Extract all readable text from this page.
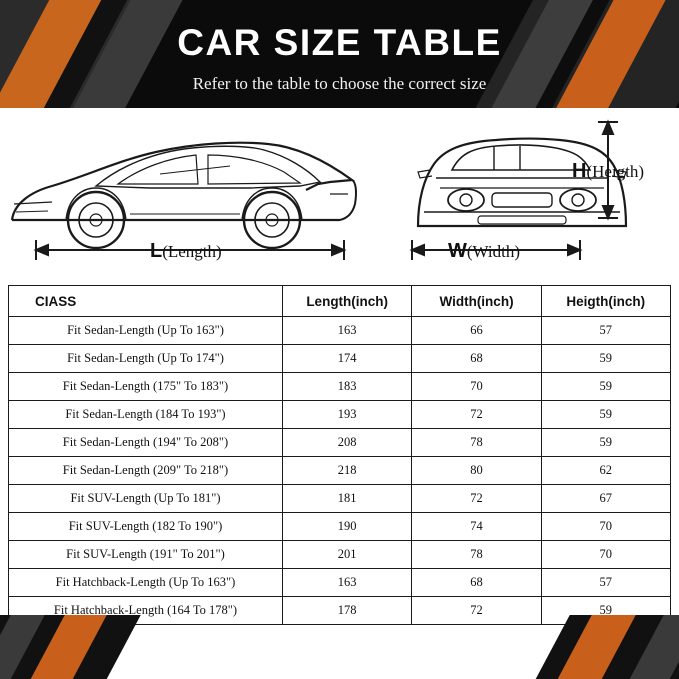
CAR SIZE TABLE
Refer to the table to choose the correct size
L(Length)	W(Width)
H(Heigth)
CIASS	Length(inch)	Width(inch)	Heigth(inch)
Fit Sedan-Length (Up To 163")	163	66	57
Fit Sedan-Length (Up To 174")	174	68	59
Fit Sedan-Length (175" To 183")	183	70	59
Fit Sedan-Length (184 To 193")	193	72	59
Fit Sedan-Length (194" To 208")	208	78	59
Fit Sedan-Length (209" To 218")	218	80	62
Fit SUV-Length (Up To 181")	181	72	67
Fit SUV-Length (182 To 190")	190	74	70
Fit SUV-Length (191" To 201")	201	78	70
Fit Hatchback-Length (Up To 163")	163	68	57
Fit Hatchback-Length (164 To 178")	178	72	59
